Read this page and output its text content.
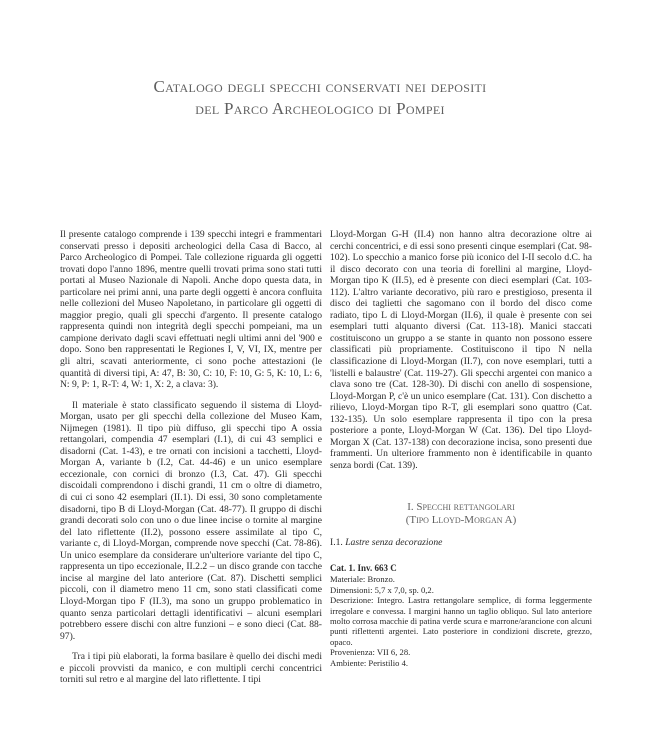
Catalogo degli specchi conservati nei depositi
del Parco Archeologico di Pompei

Il presente catalogo comprende i 139 specchi integri e frammentari conservati presso i depositi archeologici della Casa di Bacco, al Parco Archeologico di Pompei. Tale collezione riguarda gli oggetti trovati dopo l'anno 1896, mentre quelli trovati prima sono stati tutti portati al Museo Nazionale di Napoli. Anche dopo questa data, in particolare nei primi anni, una parte degli oggetti è ancora confluita nelle collezioni del Museo Napoletano, in particolare gli oggetti di maggior pregio, quali gli specchi d'argento. Il presente catalogo rappresenta quindi non integrità degli specchi pompeiani, ma un campione derivato dagli scavi effettuati negli ultimi anni del '900 e dopo. Sono ben rappresentati le Regiones I, V, VI, IX, mentre per gli altri, scavati anteriormente, ci sono poche attestazioni (le quantità di diversi tipi, A: 47, B: 30, C: 10, F: 10, G: 5, K: 10, L: 6, N: 9, P: 1, R-T: 4, W: 1, X: 2, a clava: 3).

Il materiale è stato classificato seguendo il sistema di Lloyd-Morgan, usato per gli specchi della collezione del Museo Kam, Nijmegen (1981). Il tipo più diffuso, gli specchi tipo A ossia rettangolari, compendia 47 esemplari (I.1), di cui 43 semplici e disadorni (Cat. 1-43), e tre ornati con incisioni a tacchetti, Lloyd-Morgan A, variante b (I.2, Cat. 44-46) e un unico esemplare eccezionale, con cornici di bronzo (I.3, Cat. 47). Gli specchi discoidali comprendono i dischi grandi, 11 cm o oltre di diametro, di cui ci sono 42 esemplari (II.1). Di essi, 30 sono completamente disadorni, tipo B di Lloyd-Morgan (Cat. 48-77). Il gruppo di dischi grandi decorati solo con uno o due linee incise o tornite al margine del lato riflettente (II.2), possono essere assimilate al tipo C, variante c, di Lloyd-Morgan, comprende nove specchi (Cat. 78-86). Un unico esemplare da considerare un'ulteriore variante del tipo C, rappresenta un tipo eccezionale, II.2.2 – un disco grande con tacche incise al margine del lato anteriore (Cat. 87). Dischetti semplici piccoli, con il diametro meno 11 cm, sono stati classificati come Lloyd-Morgan tipo F (II.3), ma sono un gruppo problematico in quanto senza particolari dettagli identificativi – alcuni esemplari potrebbero essere dischi con altre funzioni – e sono dieci (Cat. 88-97).

Tra i tipi più elaborati, la forma basilare è quello dei dischi medi e piccoli provvisti da manico, e con multipli cerchi concentrici torniti sul retro e al margine del lato riflettente. I tipi

Lloyd-Morgan G-H (II.4) non hanno altra decorazione oltre ai cerchi concentrici, e di essi sono presenti cinque esemplari (Cat. 98-102). Lo specchio a manico forse più iconico del I-II secolo d.C. ha il disco decorato con una teoria di forellini al margine, Lloyd-Morgan tipo K (II.5), ed è presente con dieci esemplari (Cat. 103-112). L'altro variante decorativo, più raro e prestigioso, presenta il disco dei taglietti che sagomano con il bordo del disco come radiato, tipo L di Lloyd-Morgan (II.6), il quale è presente con sei esemplari tutti alquanto diversi (Cat. 113-18). Manici staccati costituiscono un gruppo a se stante in quanto non possono essere classificati più propriamente. Costituiscono il tipo N nella classificazione di Lloyd-Morgan (II.7), con nove esemplari, tutti a 'listelli e balaustre' (Cat. 119-27). Gli specchi argentei con manico a clava sono tre (Cat. 128-30). Di dischi con anello di sospensione, Lloyd-Morgan P, c'è un unico esemplare (Cat. 131). Con dischetto a rilievo, Lloyd-Morgan tipo R-T, gli esemplari sono quattro (Cat. 132-135). Un solo esemplare rappresenta il tipo con la presa posteriore a ponte, Lloyd-Morgan W (Cat. 136). Del tipo Lloyd-Morgan X (Cat. 137-138) con decorazione incisa, sono presenti due frammenti. Un ulteriore frammento non è identificabile in quanto senza bordi (Cat. 139).

I. Specchi rettangolari
(Tipo Lloyd-Morgan A)
I.1. Lastre senza decorazione
Cat. 1. Inv. 663 C
Materiale: Bronzo.
Dimensioni: 5,7 x 7,0, sp. 0,2.
Descrizione: Integro. Lastra rettangolare semplice, di forma leggermente irregolare e convessa. I margini hanno un taglio obliquo. Sul lato anteriore molto corrosa macchie di patina verde scura e marrone/arancione con alcuni punti riflettenti argentei. Lato posteriore in condizioni discrete, grezzo, opaco.
Provenienza: VII 6, 28.
Ambiente: Peristilio 4.
